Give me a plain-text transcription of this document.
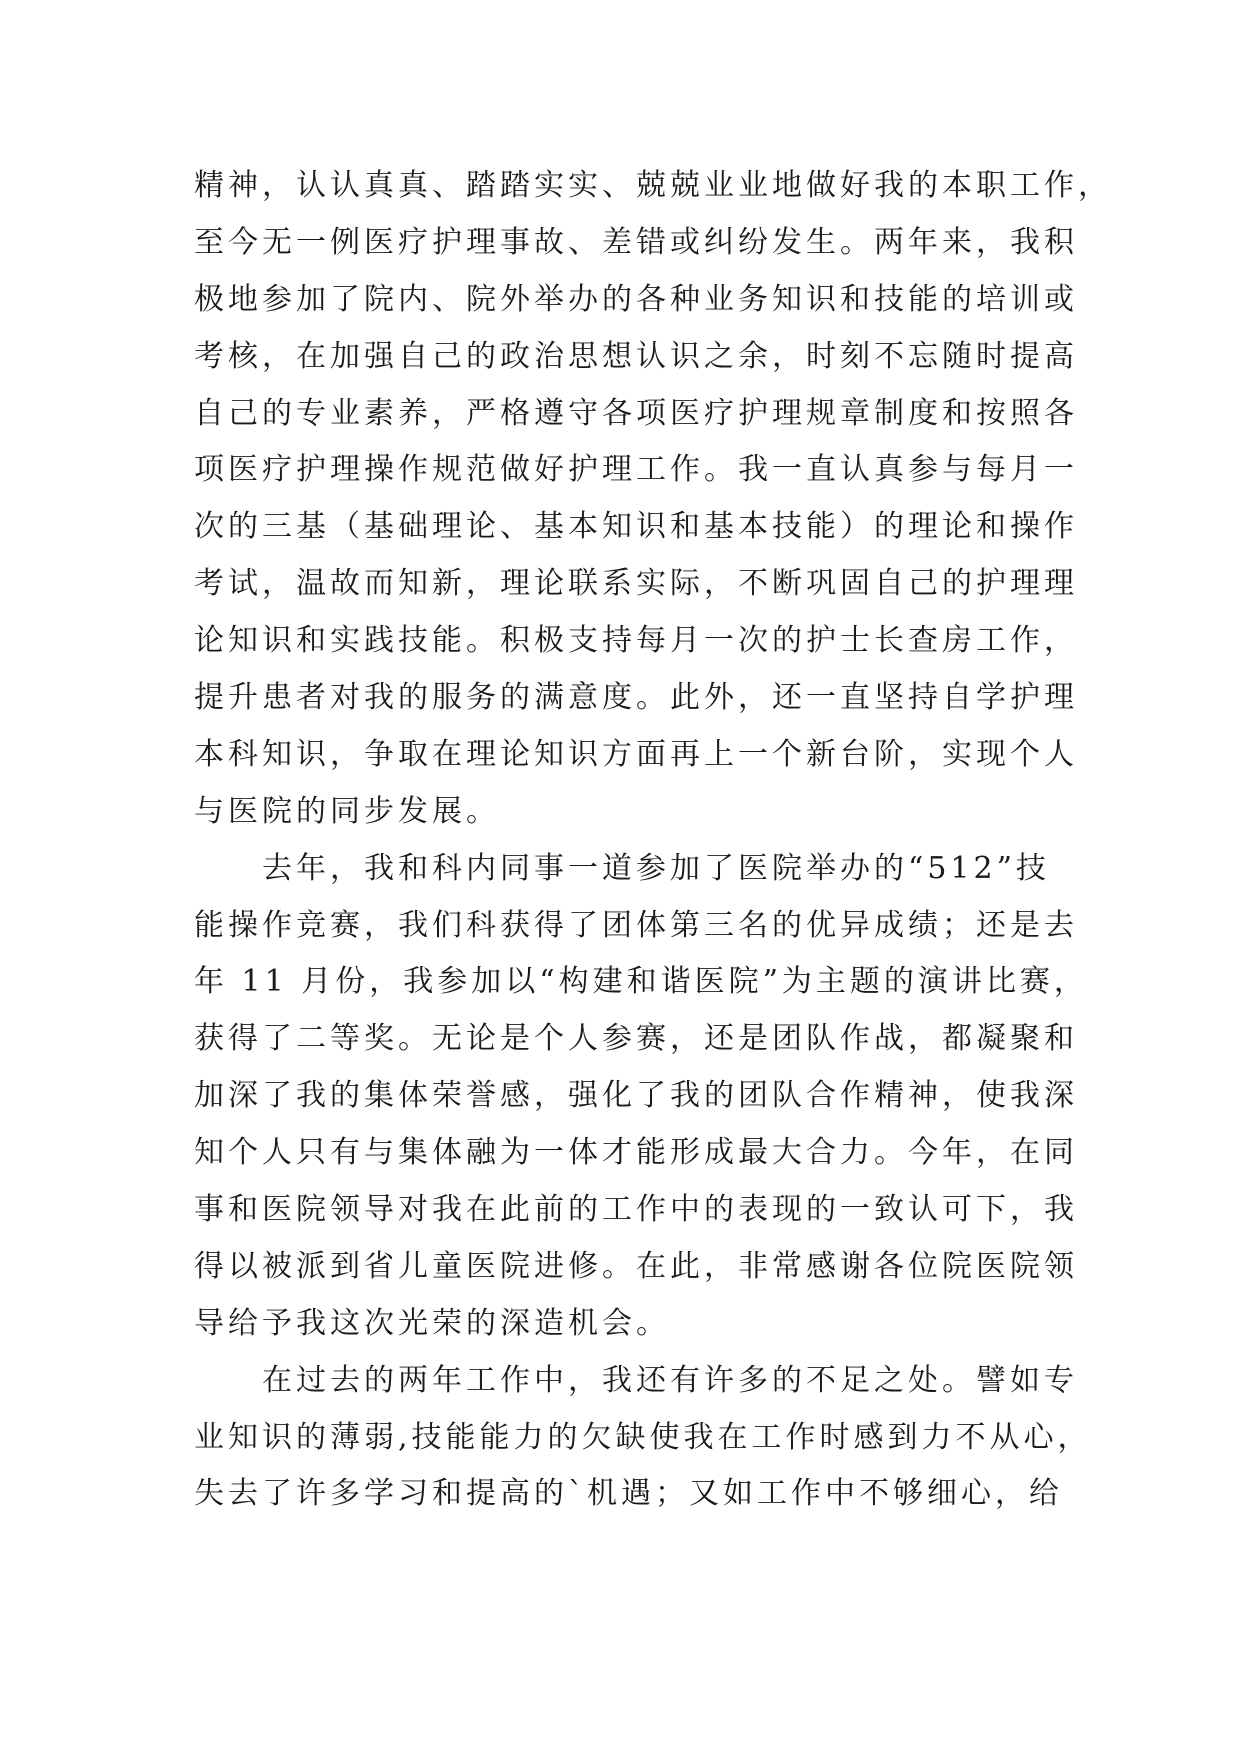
精神，认认真真、踏踏实实、兢兢业业地做好我的本职工作，
至今无一例医疗护理事故、差错或纠纷发生。两年来，我积
极地参加了院内、院外举办的各种业务知识和技能的培训或
考核，在加强自己的政治思想认识之余，时刻不忘随时提高
自己的专业素养，严格遵守各项医疗护理规章制度和按照各
项医疗护理操作规范做好护理工作。我一直认真参与每月一
次的三基（基础理论、基本知识和基本技能）的理论和操作
考试，温故而知新，理论联系实际，不断巩固自己的护理理
论知识和实践技能。积极支持每月一次的护士长查房工作，
提升患者对我的服务的满意度。此外，还一直坚持自学护理
本科知识，争取在理论知识方面再上一个新台阶，实现个人
与医院的同步发展。
去年，我和科内同事一道参加了医院举办的“512”技
能操作竞赛，我们科获得了团体第三名的优异成绩；还是去
年 11 月份，我参加以“构建和谐医院”为主题的演讲比赛，
获得了二等奖。无论是个人参赛，还是团队作战，都凝聚和
加深了我的集体荣誉感，强化了我的团队合作精神，使我深
知个人只有与集体融为一体才能形成最大合力。今年，在同
事和医院领导对我在此前的工作中的表现的一致认可下，我
得以被派到省儿童医院进修。在此，非常感谢各位院医院领
导给予我这次光荣的深造机会。
在过去的两年工作中，我还有许多的不足之处。譬如专
业知识的薄弱,技能能力的欠缺使我在工作时感到力不从心，
失去了许多学习和提高的`机遇；又如工作中不够细心，给
